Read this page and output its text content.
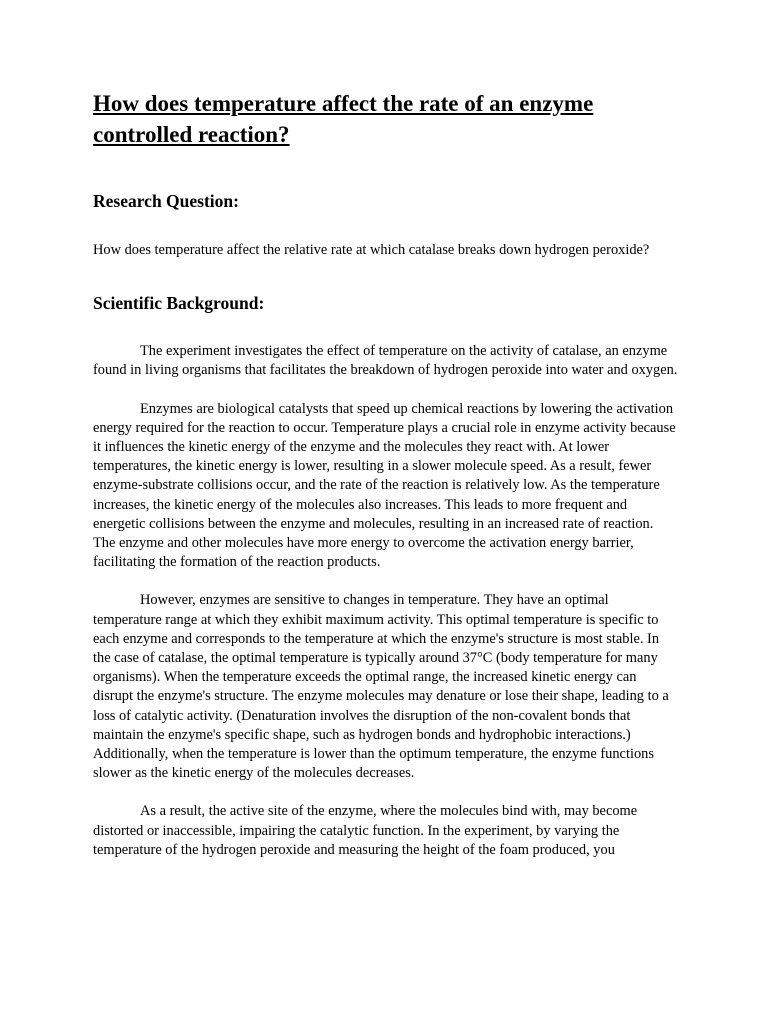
How does temperature affect the rate of an enzyme controlled reaction?
Research Question:

How does temperature affect the relative rate at which catalase breaks down hydrogen peroxide?

Scientific Background:

The experiment investigates the effect of temperature on the activity of catalase, an enzyme found in living organisms that facilitates the breakdown of hydrogen peroxide into water and oxygen.

Enzymes are biological catalysts that speed up chemical reactions by lowering the activation energy required for the reaction to occur. Temperature plays a crucial role in enzyme activity because it influences the kinetic energy of the enzyme and the molecules they react with. At lower temperatures, the kinetic energy is lower, resulting in a slower molecule speed. As a result, fewer enzyme-substrate collisions occur, and the rate of the reaction is relatively low. As the temperature increases, the kinetic energy of the molecules also increases. This leads to more frequent and energetic collisions between the enzyme and molecules, resulting in an increased rate of reaction. The enzyme and other molecules have more energy to overcome the activation energy barrier, facilitating the formation of the reaction products.

However, enzymes are sensitive to changes in temperature. They have an optimal temperature range at which they exhibit maximum activity. This optimal temperature is specific to each enzyme and corresponds to the temperature at which the enzyme's structure is most stable. In the case of catalase, the optimal temperature is typically around 37°C (body temperature for many organisms). When the temperature exceeds the optimal range, the increased kinetic energy can disrupt the enzyme's structure. The enzyme molecules may denature or lose their shape, leading to a loss of catalytic activity. (Denaturation involves the disruption of the non-covalent bonds that maintain the enzyme's specific shape, such as hydrogen bonds and hydrophobic interactions.) Additionally, when the temperature is lower than the optimum temperature, the enzyme functions slower as the kinetic energy of the molecules decreases.

As a result, the active site of the enzyme, where the molecules bind with, may become distorted or inaccessible, impairing the catalytic function. In the experiment, by varying the temperature of the hydrogen peroxide and measuring the height of the foam produced, you
